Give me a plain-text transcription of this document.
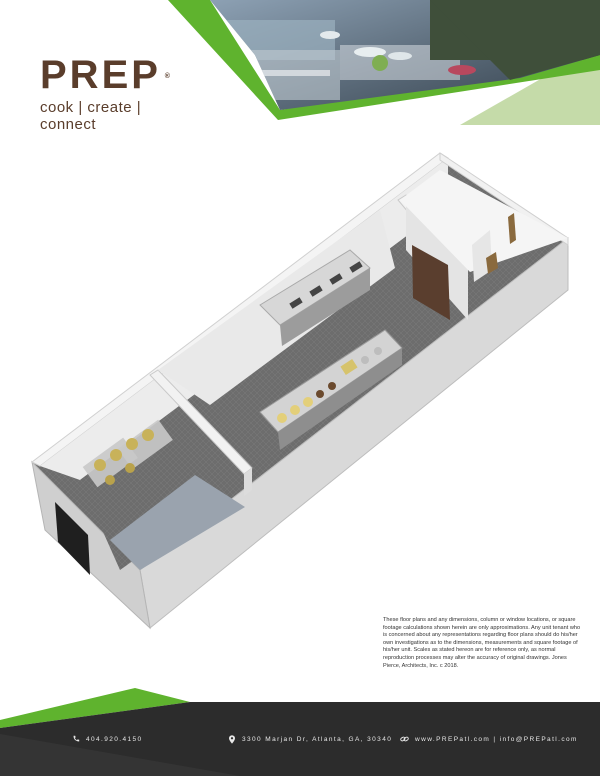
PREP ®
cook | create | connect
These floor plans and any dimensions, column or window locations, or square footage calculations shown herein are only approximations. Any unit tenant who is concerned about any representations regarding floor plans should do his/her own investigations as to the dimensions, measurements and square footage of his/her unit. Scales as stated hereon are for reference only, as normal reproduction processes may alter the accuracy of original drawings. Jones Pierce, Architects, Inc. c 2018.
404.920.4150	3300 Marjan Dr, Atlanta, GA, 30340	www.PREPatl.com | info@PREPatl.com
